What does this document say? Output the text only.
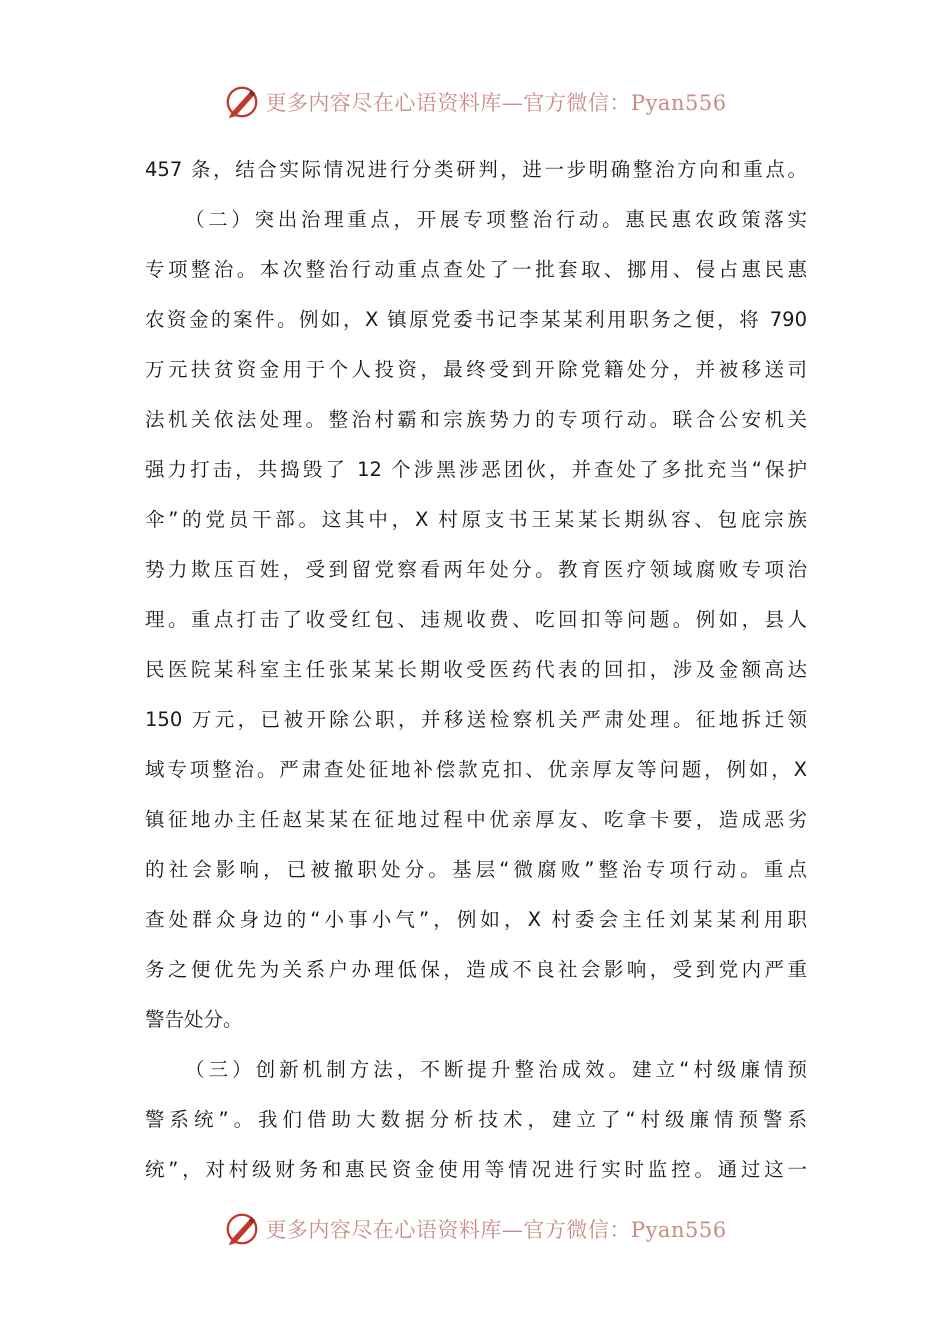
更多内容尽在心语资料库—官方微信：Pyan556
457 条，结合实际情况进行分类研判，进一步明确整治方向和重点。
（二）突出治理重点，开展专项整治行动。惠民惠农政策落实
专项整治。本次整治行动重点查处了一批套取、挪用、侵占惠民惠
农资金的案件。例如，X 镇原党委书记李某某利用职务之便，将 790
万元扶贫资金用于个人投资，最终受到开除党籍处分，并被移送司
法机关依法处理。整治村霸和宗族势力的专项行动。联合公安机关
强力打击，共捣毁了 12 个涉黑涉恶团伙，并查处了多批充当“保护
伞”的党员干部。这其中，X 村原支书王某某长期纵容、包庇宗族
势力欺压百姓，受到留党察看两年处分。教育医疗领域腐败专项治
理。重点打击了收受红包、违规收费、吃回扣等问题。例如，县人
民医院某科室主任张某某长期收受医药代表的回扣，涉及金额高达
150 万元，已被开除公职，并移送检察机关严肃处理。征地拆迁领
域专项整治。严肃查处征地补偿款克扣、优亲厚友等问题，例如，X
镇征地办主任赵某某在征地过程中优亲厚友、吃拿卡要，造成恶劣
的社会影响，已被撤职处分。基层“微腐败”整治专项行动。重点
查处群众身边的“小事小气”，例如，X 村委会主任刘某某利用职
务之便优先为关系户办理低保，造成不良社会影响，受到党内严重
警告处分。
（三）创新机制方法，不断提升整治成效。建立“村级廉情预
警系统”。我们借助大数据分析技术，建立了“村级廉情预警系
统”，对村级财务和惠民资金使用等情况进行实时监控。通过这一
更多内容尽在心语资料库—官方微信：Pyan556
